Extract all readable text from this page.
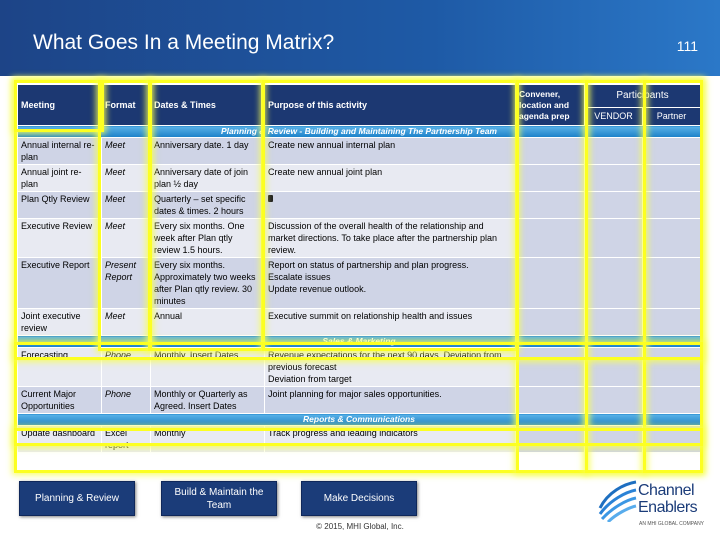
What Goes In a Meeting Matrix?	111
Meeting	Format	Dates & Times	Purpose of this activity	Convener, location and agenda prep	Participants	
					VENDOR	Partner
Planning & Review - Building and Maintaining The Partnership Team						
Annual internal re-plan	Meet	Anniversary date. 1 day	Create new annual internal plan			
Annual joint re-plan	Meet	Anniversary date of join plan ½ day	Create new annual joint plan			
Plan Qtly Review	Meet	Quarterly – set specific dates & times. 2 hours				
Executive Review	Meet	Every six months. One week after Plan qtly review 1.5 hours.	Discussion of the overall health of the relationship and market directions. To take place after the partnership plan review.			
Executive Report	Present Report	Every six months. Approximately two weeks after Plan qtly review. 30 minutes	Report on status of partnership and plan progress.
Escalate issues
Update revenue outlook.			

Joint executive review	Meet	Annual	Executive summit on relationship health and issues			
Sales & Marketing						
Forecasting	Phone	Monthly. Insert Dates.	Revenue expectations for the next 90 days. Deviation from previous forecast
Deviation from target			

Current Major Opportunities	Phone	Monthly or Quarterly as Agreed. Insert Dates	Joint planning for major sales opportunities.			
Reports & Communications						
Update dashboard	Excel report	Monthly	Track progress and leading indicators			
Planning & Review
Build & Maintain the Team
Make Decisions
© 2015, MHI Global, Inc.
Channel
Enablers
AN MHI GLOBAL COMPANY
